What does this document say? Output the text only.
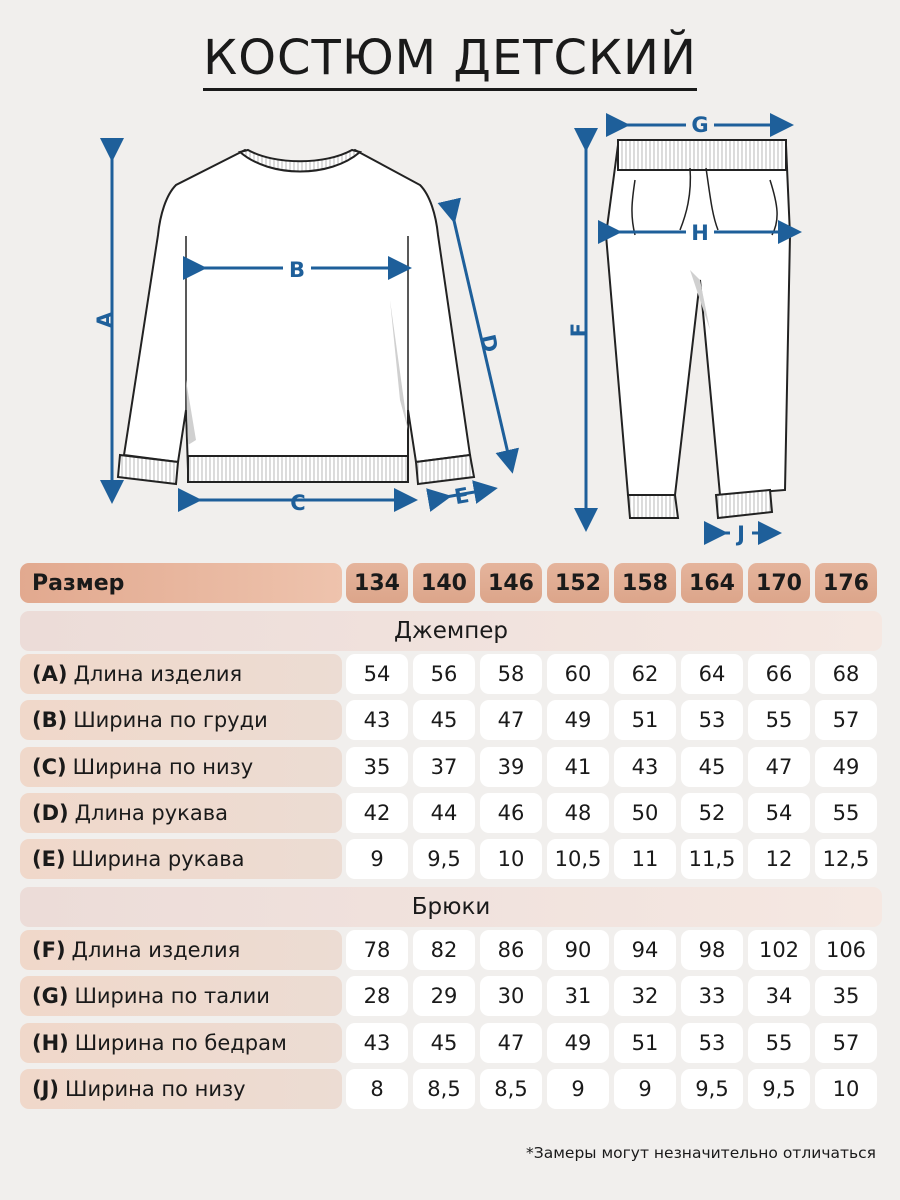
КОСТЮМ ДЕТСКИЙ
B
C
A
D
E
F
G
H
J
Размер	134 140 146 152 158 164 170 176
Джемпер
(A) Длина изделия	54	56	58	60	62	64	66	68
(B) Ширина по груди	43	45	47	49	51	53	55	57
(C) Ширина по низу	35	37	39	41	43	45	47	49
(D) Длина рукава	42	44	46	48	50	52	54	55
(E) Ширина рукава	9	9,5	10	10,5	11	11,5	12	12,5
Брюки
(F) Длина изделия	78	82	86	90	94	98	102	106
(G) Ширина по талии	28	29	30	31	32	33	34	35
(H) Ширина по бедрам	43	45	47	49	51	53	55	57
(J) Ширина по низу	8	8,5	8,5	9	9	9,5	9,5	10
*Замеры могут незначительно отличаться
